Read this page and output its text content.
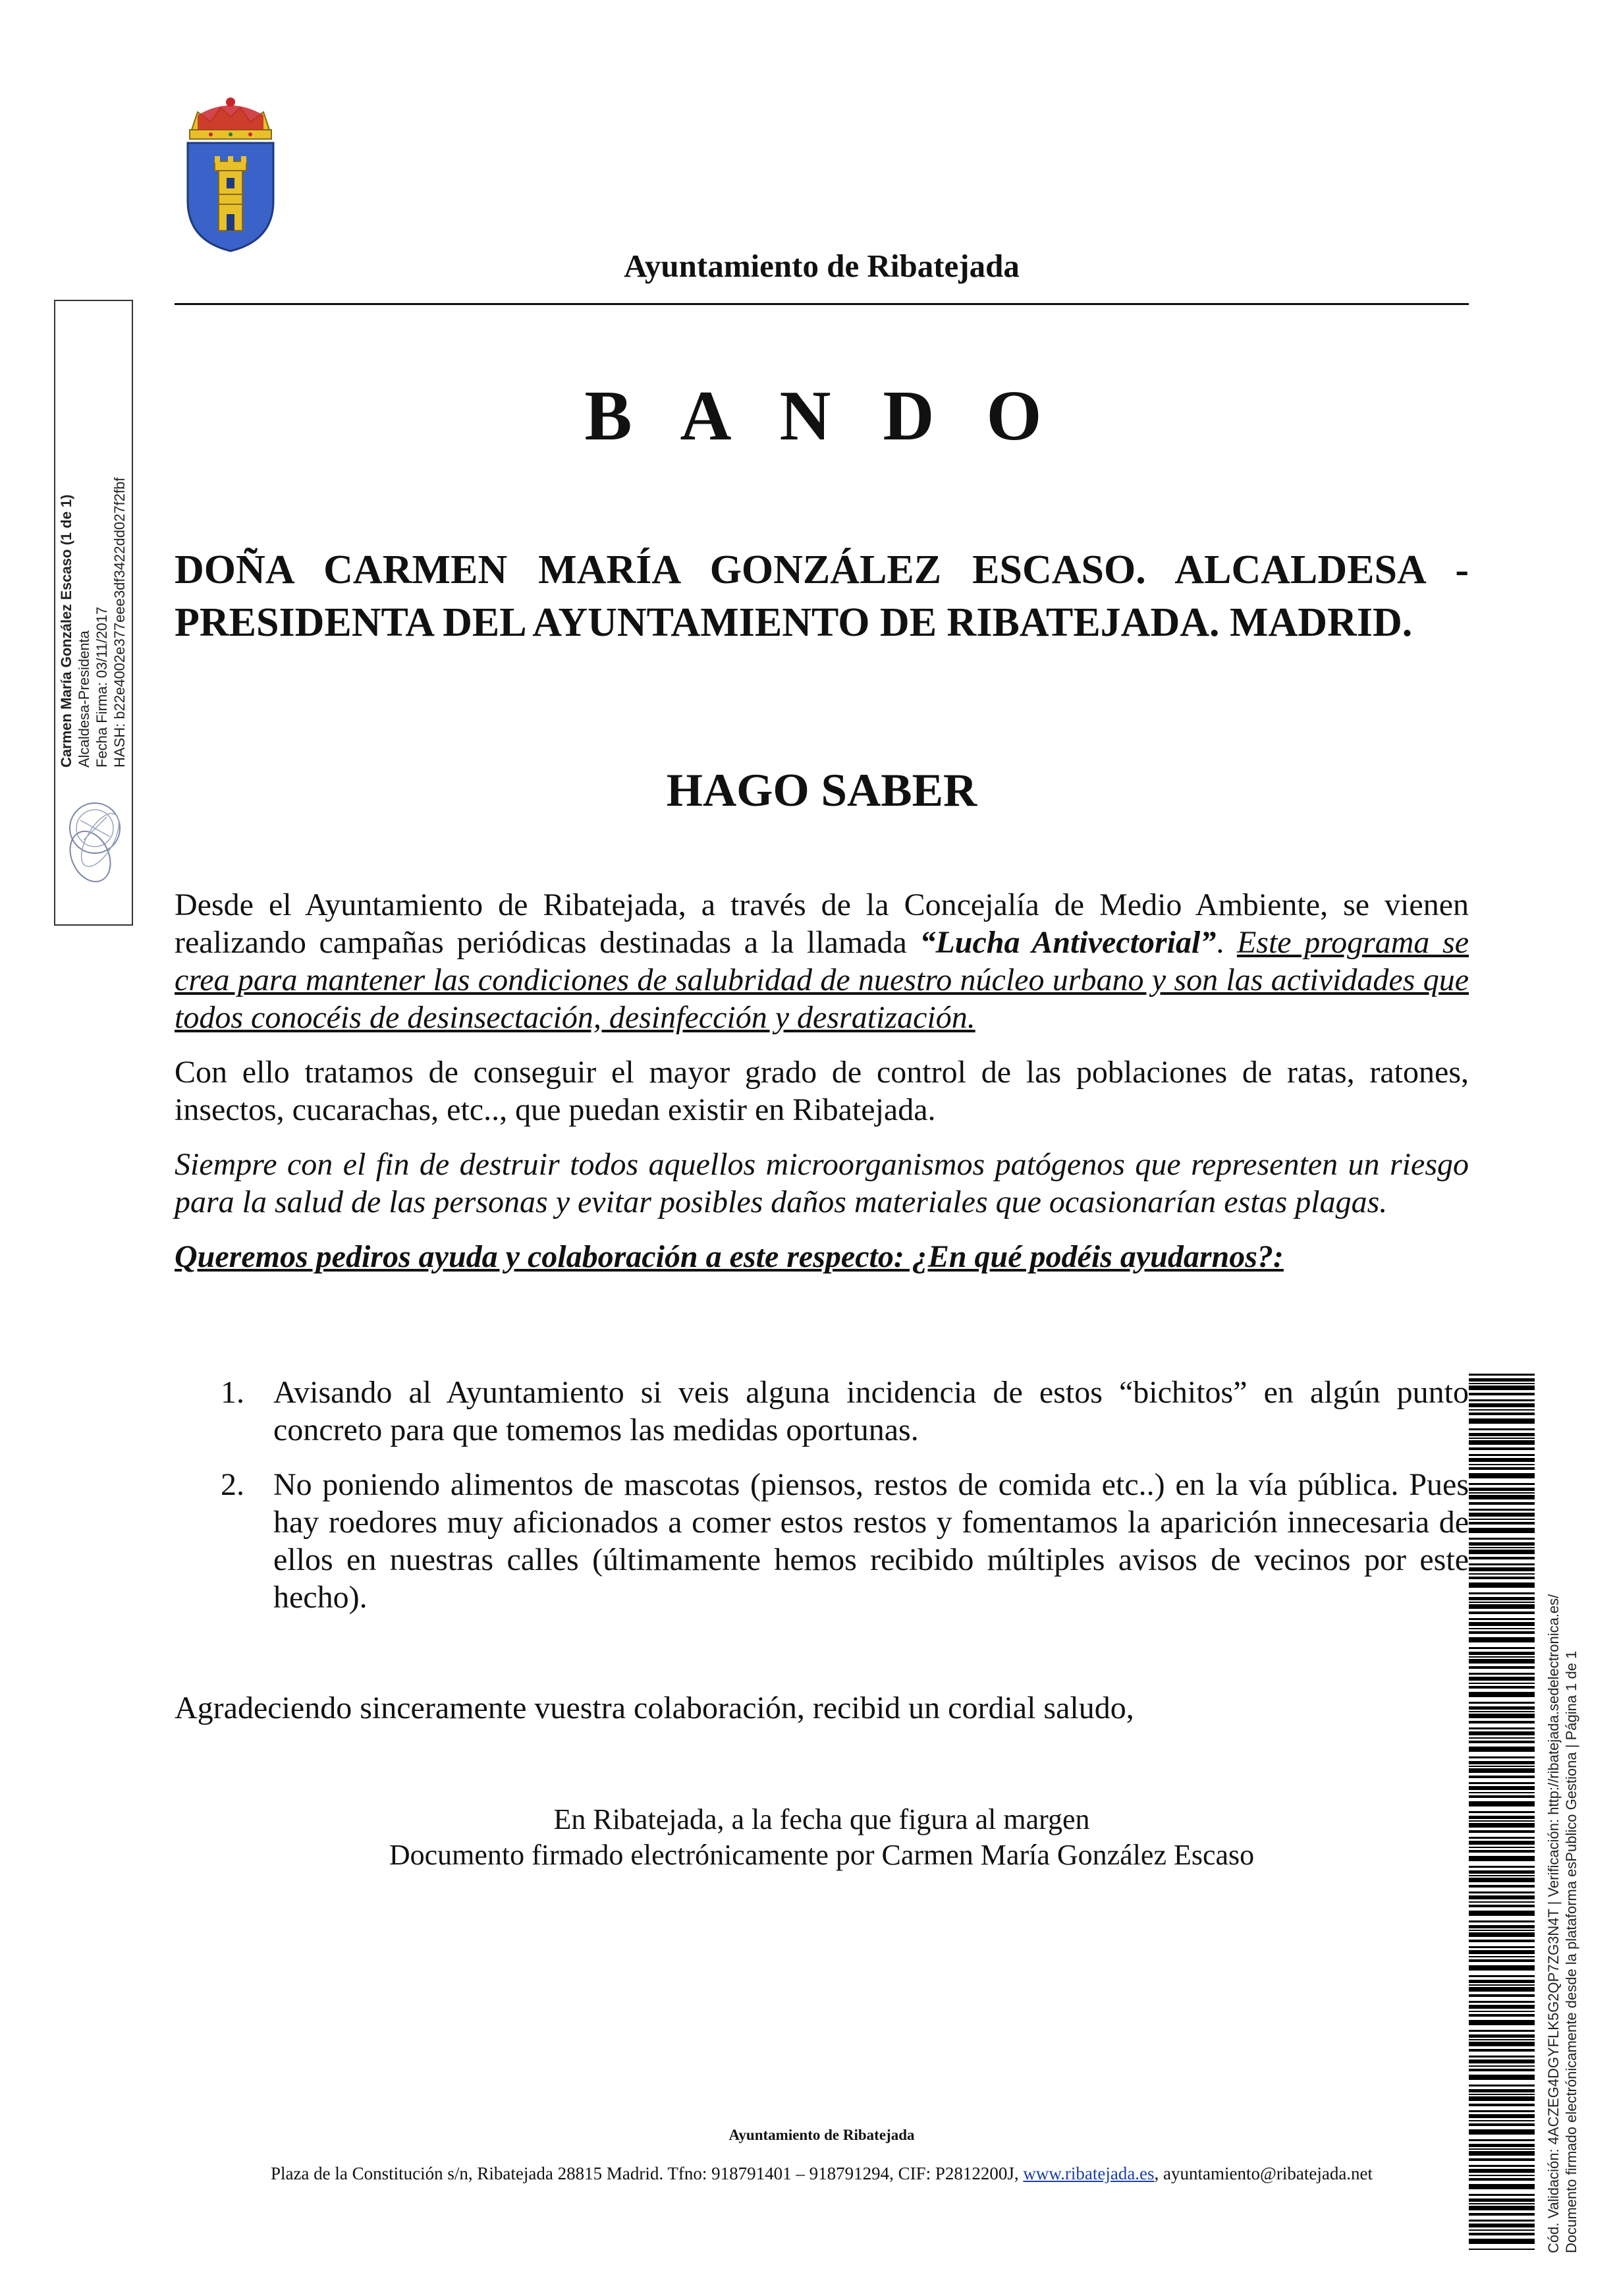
Ayuntamiento de Ribatejada
B A N D O
DOÑA CARMEN MARÍA GONZÁLEZ ESCASO. ALCALDESA - PRESIDENTA DEL AYUNTAMIENTO DE RIBATEJADA. MADRID.
HAGO SABER

Desde el Ayuntamiento de Ribatejada, a través de la Concejalía de Medio Ambiente, se vienen realizando campañas periódicas destinadas a la llamada “Lucha Antivectorial”. Este programa se crea para mantener las condiciones de salubridad de nuestro núcleo urbano y son las actividades que todos conocéis de desinsectación, desinfección y desratización.

Con ello tratamos de conseguir el mayor grado de control de las poblaciones de ratas, ratones, insectos, cucarachas, etc.., que puedan existir en Ribatejada.

Siempre con el fin de destruir todos aquellos microorganismos patógenos que representen un riesgo para la salud de las personas y evitar posibles daños materiales que ocasionarían estas plagas.

Queremos pediros ayuda y colaboración a este respecto: ¿En qué podéis ayudarnos?:

1. Avisando al Ayuntamiento si veis alguna incidencia de estos “bichitos” en algún punto concreto para que tomemos las medidas oportunas.
2. No poniendo alimentos de mascotas (piensos, restos de comida etc..) en la vía pública. Pues hay roedores muy aficionados a comer estos restos y fomentamos la aparición innecesaria de ellos en nuestras calles (últimamente hemos recibido múltiples avisos de vecinos por este hecho).
Agradeciendo sinceramente vuestra colaboración, recibid un cordial saludo,
En Ribatejada, a la fecha que figura al margen
Documento firmado electrónicamente por Carmen María González Escaso
Ayuntamiento de Ribatejada
Plaza de la Constitución s/n, Ribatejada 28815 Madrid. Tfno: 918791401 – 918791294, CIF: P2812200J, www.ribatejada.es, ayuntamiento@ribatejada.net
Carmen María González Escaso (1 de 1) Alcaldesa-Presidenta Fecha Firma: 03/11/2017 HASH: b22e4002e377eee3df3422dd027f2fbf
Cód. Validación: 4ACZEG4DGYFLK5G2QP7ZG3N4T | Verificación: http://ribatejada.sedelectronica.es/ Documento firmado electrónicamente desde la plataforma esPublico Gestiona | Página 1 de 1
